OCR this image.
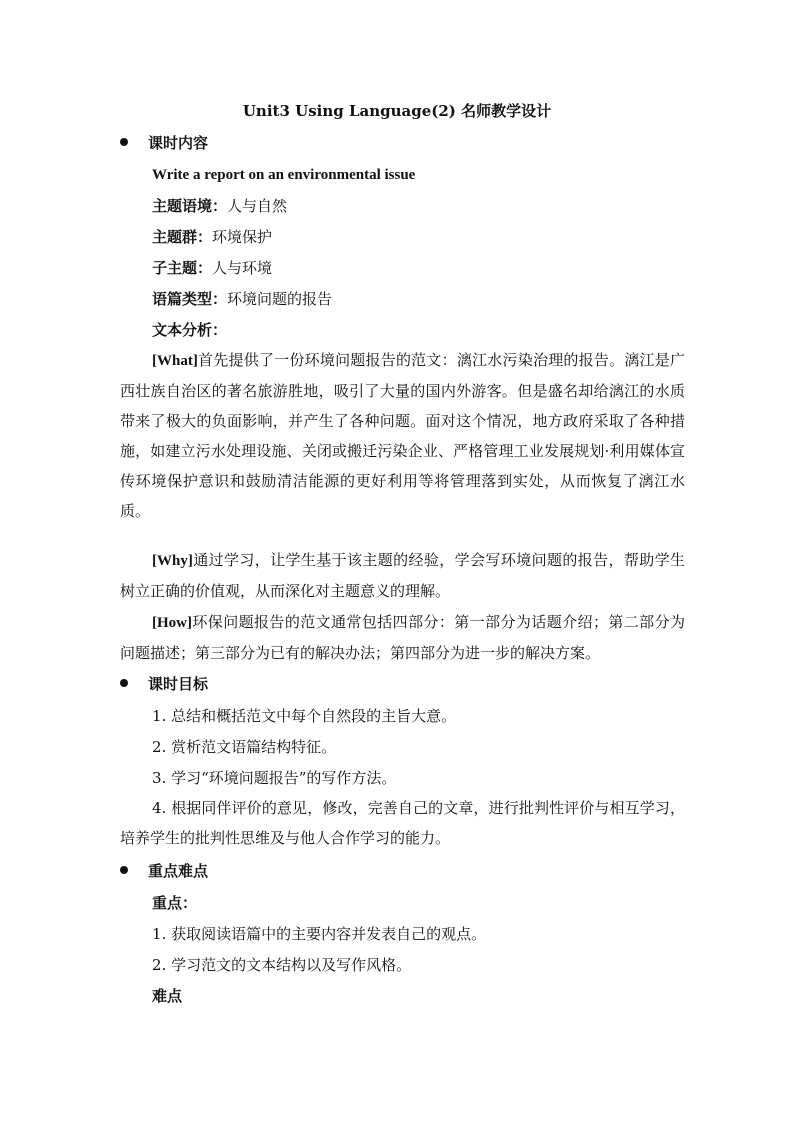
Unit3 Using Language(2) 名师教学设计
课时内容
Write a report on an environmental issue
主题语境：人与自然
主题群：环境保护
子主题：人与环境
语篇类型：环境问题的报告
文本分析：
[What]首先提供了一份环境问题报告的范文：漓江水污染治理的报告。漓江是广西壮族自治区的著名旅游胜地，吸引了大量的国内外游客。但是盛名却给漓江的水质带来了极大的负面影响，并产生了各种问题。面对这个情况，地方政府采取了各种措施，如建立污水处理设施、关闭或搬迁污染企业、严格管理工业发展规划·利用媒体宣传环境保护意识和鼓励清洁能源的更好利用等将管理落到实处，从而恢复了漓江水质。
[Why]通过学习，让学生基于该主题的经验，学会写环境问题的报告，帮助学生树立正确的价值观，从而深化对主题意义的理解。
[How]环保问题报告的范文通常包括四部分：第一部分为话题介绍；第二部分为问题描述；第三部分为已有的解决办法；第四部分为进一步的解决方案。
课时目标
1. 总结和概括范文中每个自然段的主旨大意。
2. 赏析范文语篇结构特征。
3. 学习“环境问题报告”的写作方法。
4. 根据同伴评价的意见，修改，完善自己的文章，进行批判性评价与相互学习，培养学生的批判性思维及与他人合作学习的能力。
重点难点
重点：
1. 获取阅读语篇中的主要内容并发表自己的观点。
2. 学习范文的文本结构以及写作风格。
难点
